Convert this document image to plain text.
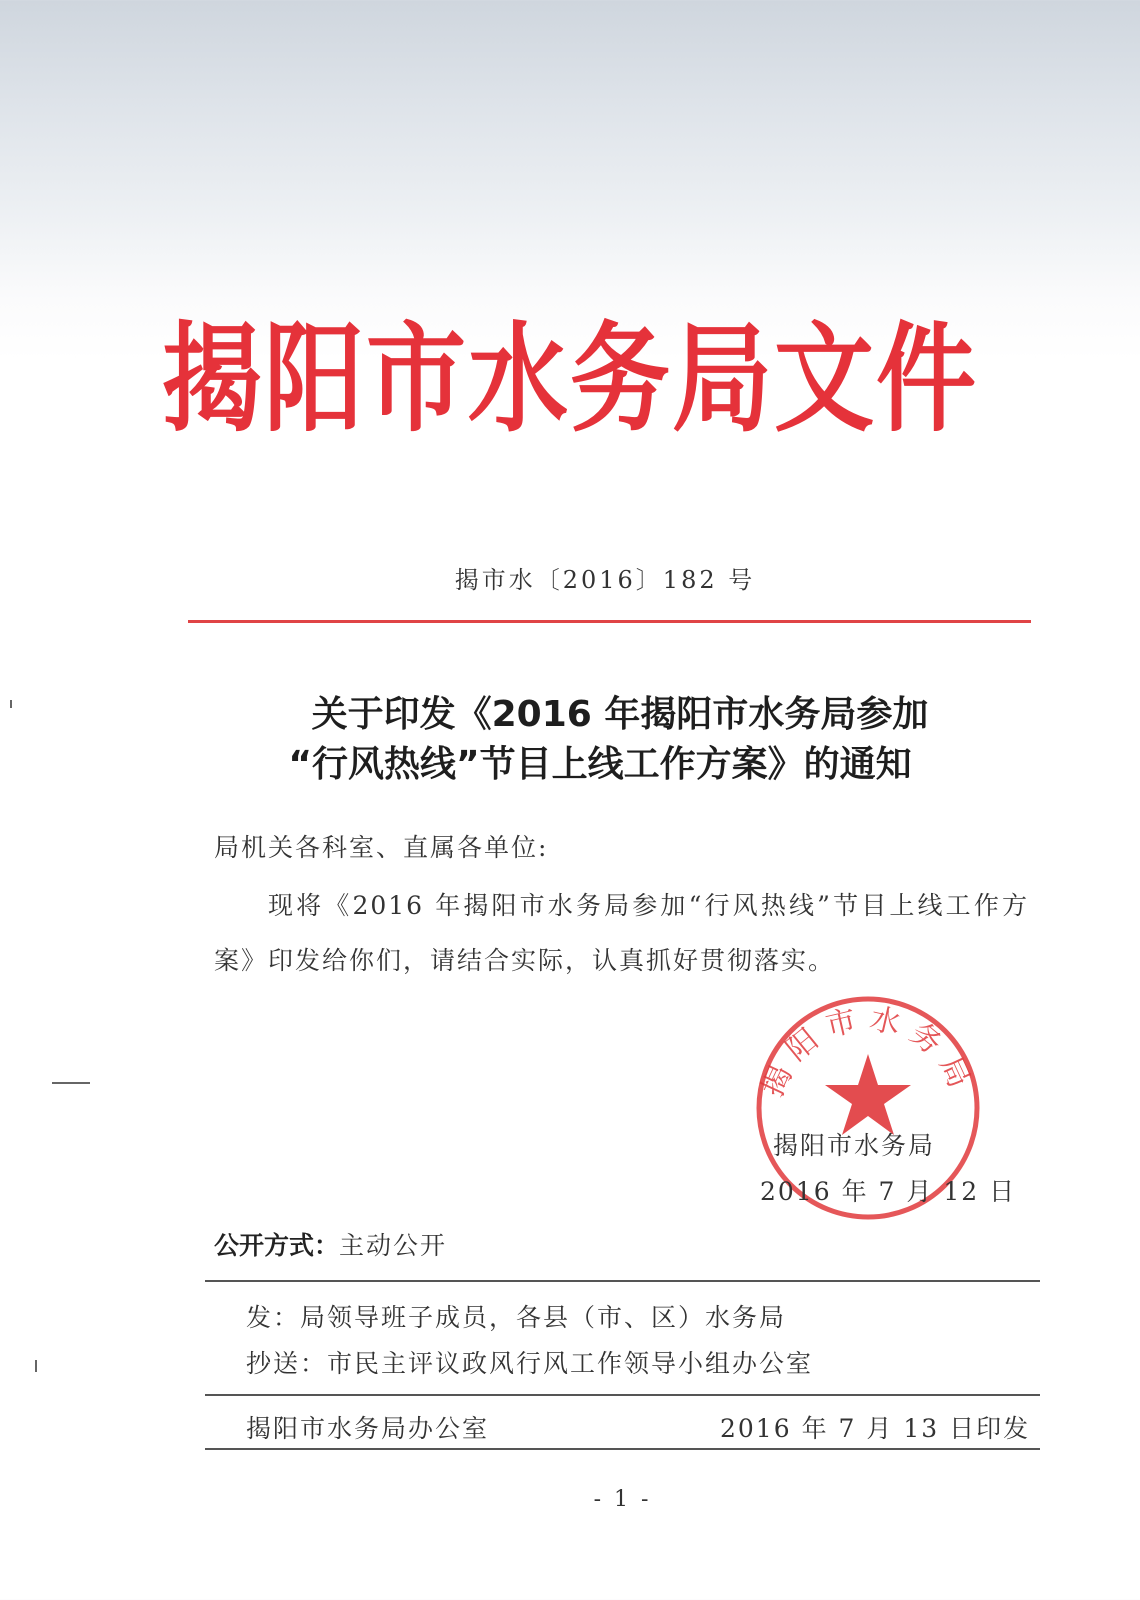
揭阳市水务局文件
揭市水〔2016〕182 号
关于印发《2016 年揭阳市水务局参加
“行风热线”节目上线工作方案》的通知
局机关各科室、直属各单位:
现将《2016 年揭阳市水务局参加“行风热线”节目上线工作方案》印发给你们，请结合实际，认真抓好贯彻落实。
揭阳市水务局
揭阳市水务局
2016 年 7 月 12 日
公开方式：主动公开
发：局领导班子成员，各县（市、区）水务局
抄送：市民主评议政风行风工作领导小组办公室
揭阳市水务局办公室	2016 年 7 月 13 日印发
- 1 -
